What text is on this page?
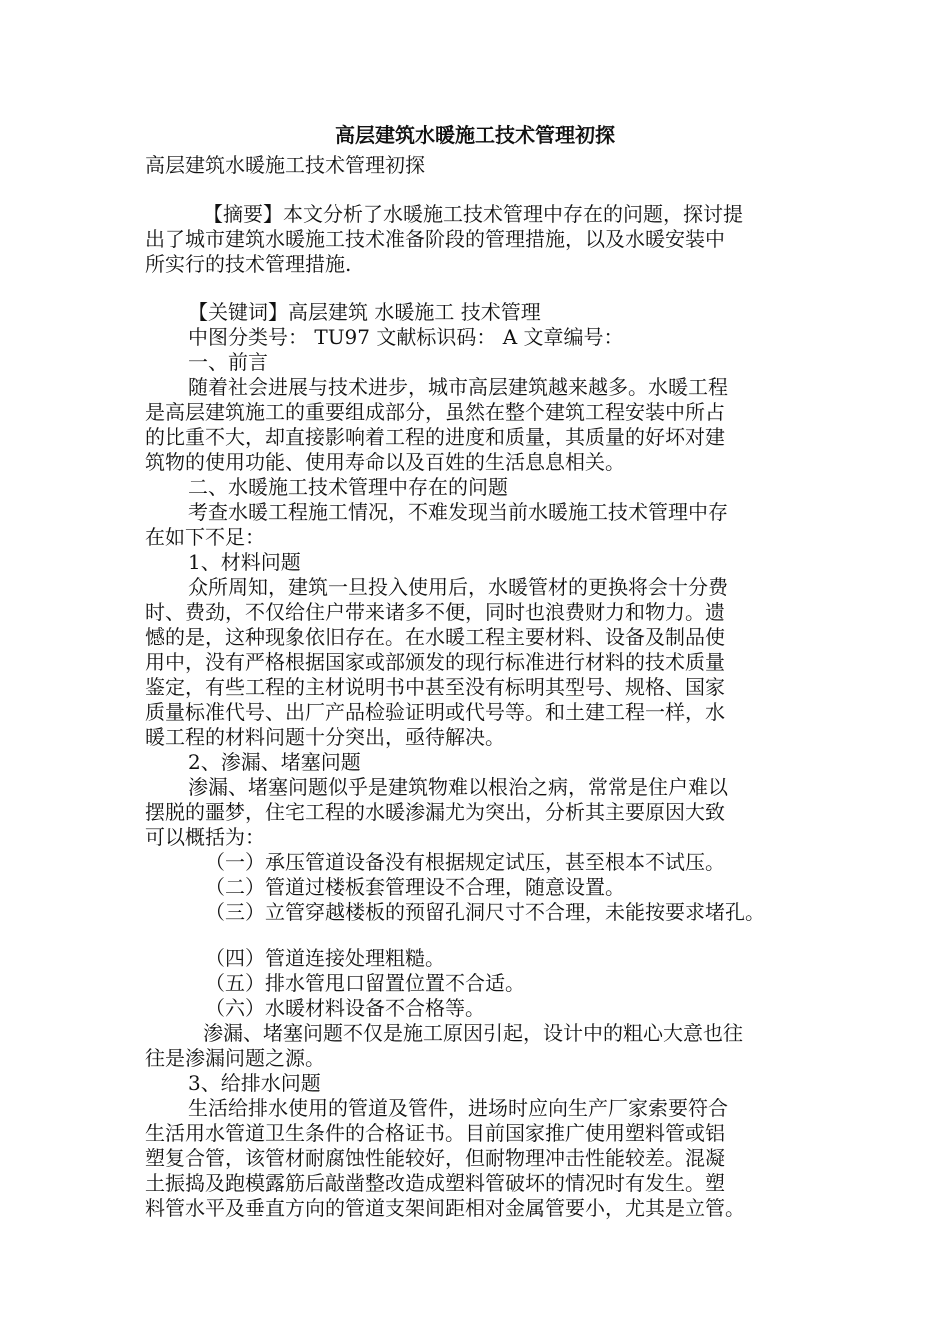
高层建筑水暖施工技术管理初探
高层建筑水暖施工技术管理初探
【摘要】本文分析了水暖施工技术管理中存在的问题，探讨提
出了城市建筑水暖施工技术准备阶段的管理措施，以及水暖安装中
所实行的技术管理措施.
【关键词】高层建筑 水暖施工 技术管理
中图分类号： TU97 文献标识码： A 文章编号：
一、前言
随着社会进展与技术进步，城市高层建筑越来越多。水暖工程
是高层建筑施工的重要组成部分，虽然在整个建筑工程安装中所占
的比重不大，却直接影响着工程的进度和质量，其质量的好坏对建
筑物的使用功能、使用寿命以及百姓的生活息息相关。
二、水暖施工技术管理中存在的问题
考查水暖工程施工情况，不难发现当前水暖施工技术管理中存
在如下不足：
1、材料问题
众所周知，建筑一旦投入使用后，水暖管材的更换将会十分费
时、费劲，不仅给住户带来诸多不便，同时也浪费财力和物力。遗
憾的是，这种现象依旧存在。在水暖工程主要材料、设备及制品使
用中，没有严格根据国家或部颁发的现行标准进行材料的技术质量
鉴定，有些工程的主材说明书中甚至没有标明其型号、规格、国家
质量标准代号、出厂产品检验证明或代号等。和土建工程一样，水
暖工程的材料问题十分突出，亟待解决。
2、渗漏、堵塞问题
渗漏、堵塞问题似乎是建筑物难以根治之病，常常是住户难以
摆脱的噩梦，住宅工程的水暖渗漏尤为突出，分析其主要原因大致
可以概括为：
（一）承压管道设备没有根据规定试压，甚至根本不试压。
（二）管道过楼板套管理设不合理，随意设置。
（三）立管穿越楼板的预留孔洞尺寸不合理，未能按要求堵孔。
（四）管道连接处理粗糙。
（五）排水管甩口留置位置不合适。
（六）水暖材料设备不合格等。
渗漏、堵塞问题不仅是施工原因引起，设计中的粗心大意也往
往是渗漏问题之源。
3、给排水问题
生活给排水使用的管道及管件，进场时应向生产厂家索要符合
生活用水管道卫生条件的合格证书。目前国家推广使用塑料管或铝
塑复合管，该管材耐腐蚀性能较好，但耐物理冲击性能较差。混凝
土振捣及跑模露筋后敲凿整改造成塑料管破坏的情况时有发生。塑
料管水平及垂直方向的管道支架间距相对金属管要小，尤其是立管。
